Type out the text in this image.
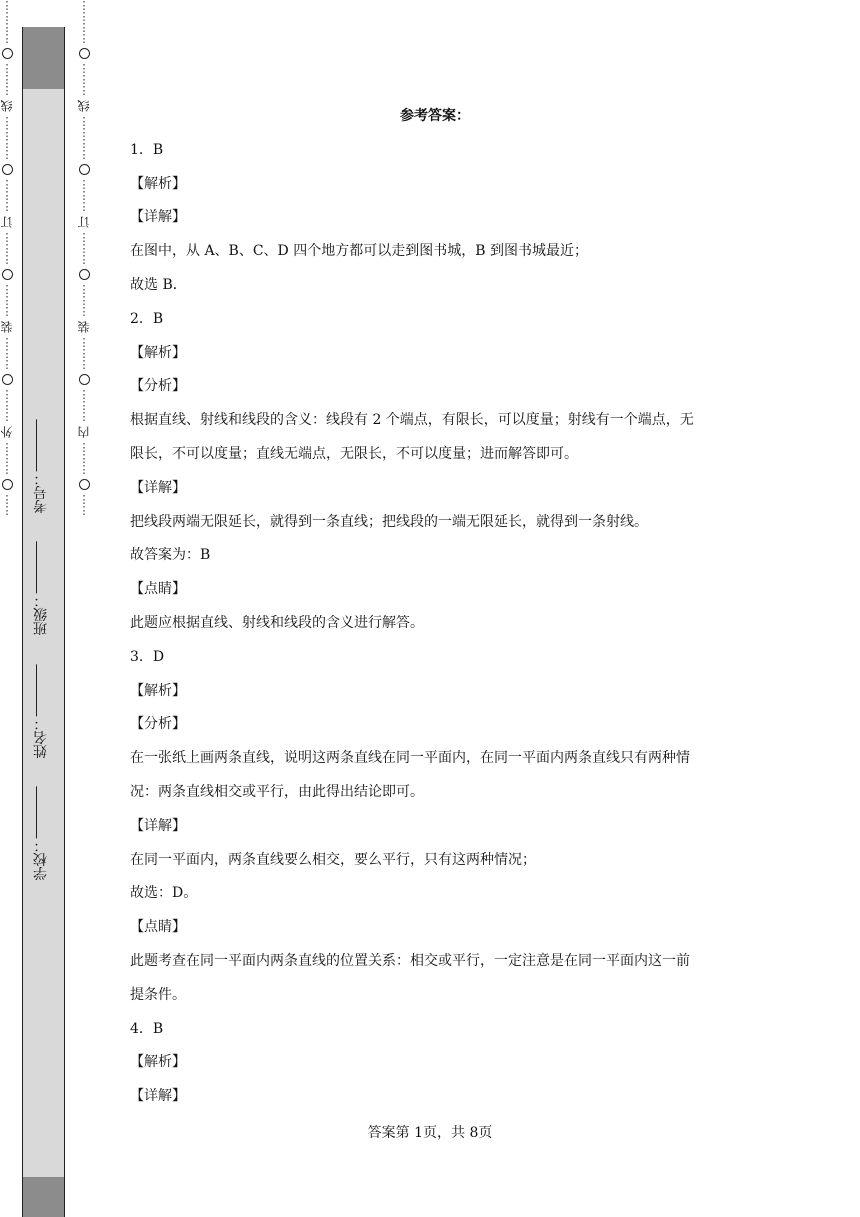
⋮
⋮
⋮
⋮
⋮
⋮
⋮
线
⋮
⋮
⋮
⋮
⋮
⋮
⋮
订
⋮
⋮
⋮
⋮
⋮
⋮
装
⋮
⋮
⋮
⋮
⋮
⋮
外
⋮
⋮
⋮
⋮
⋮
学校： 姓名： 班级： 考号：
⋮
⋮
⋮
⋮
⋮
⋮
⋮
线
⋮
⋮
⋮
⋮
⋮
⋮
⋮
订
⋮
⋮
⋮
⋮
⋮
⋮
装
⋮
⋮
⋮
⋮
⋮
⋮
内
⋮
⋮
⋮
⋮
⋮
参考答案：
1．B
【解析】
【详解】
在图中，从 A、B、C、D 四个地方都可以走到图书城，B 到图书城最近；
故选 B．
2．B
【解析】
【分析】
根据直线、射线和线段的含义：线段有 2 个端点，有限长，可以度量；射线有一个端点，无
限长，不可以度量；直线无端点，无限长，不可以度量；进而解答即可。
【详解】
把线段两端无限延长，就得到一条直线；把线段的一端无限延长，就得到一条射线。
故答案为：B
【点睛】
此题应根据直线、射线和线段的含义进行解答。
3．D
【解析】
【分析】
在一张纸上画两条直线，说明这两条直线在同一平面内，在同一平面内两条直线只有两种情
况：两条直线相交或平行，由此得出结论即可。
【详解】
在同一平面内，两条直线要么相交，要么平行，只有这两种情况；
故选：D。
【点睛】
此题考查在同一平面内两条直线的位置关系：相交或平行，一定注意是在同一平面内这一前
提条件。
4．B
【解析】
【详解】
答案第 1页，共 8页
